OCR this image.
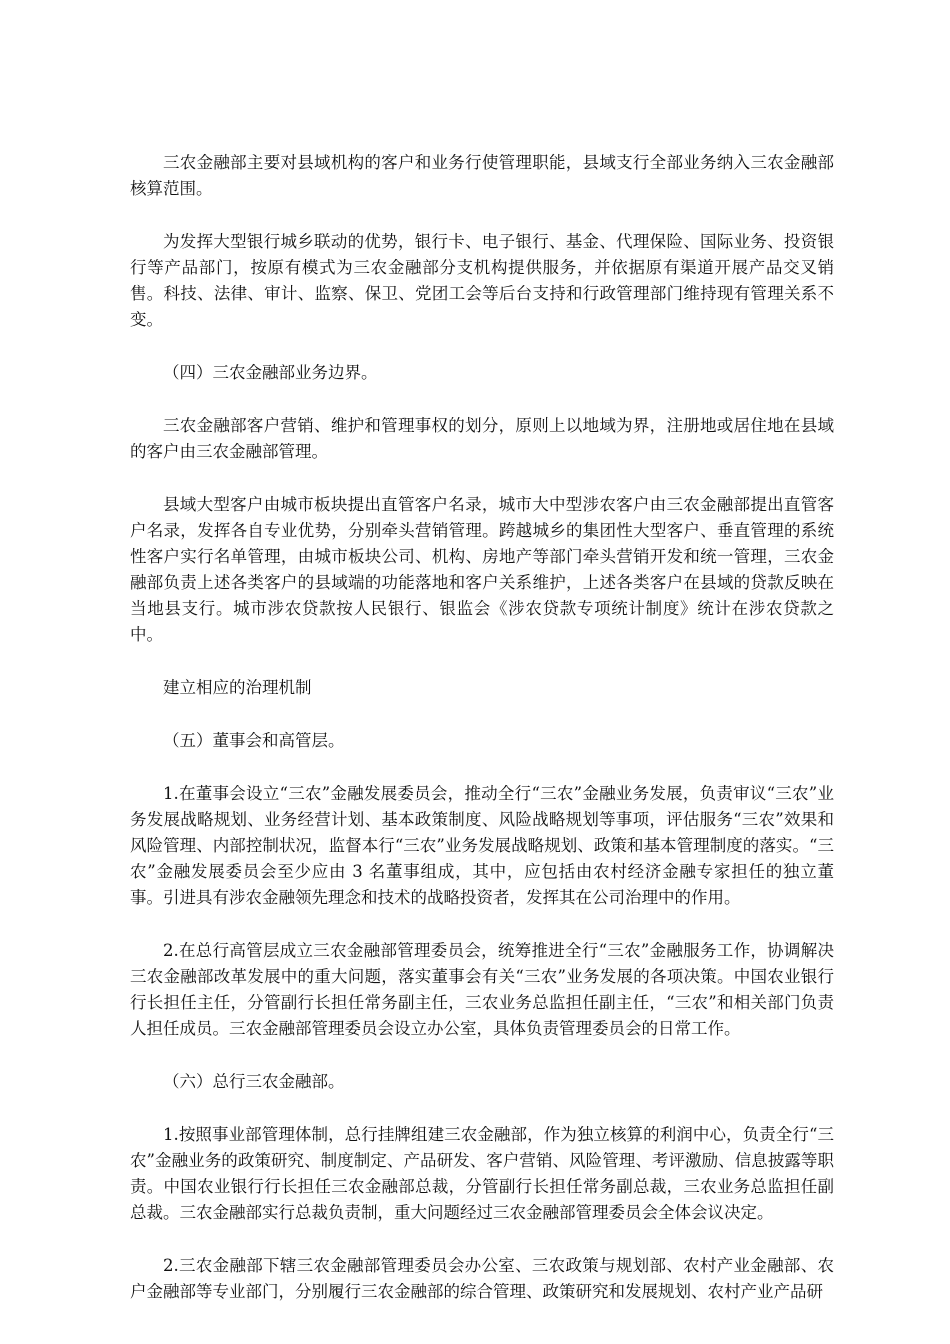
三农金融部主要对县域机构的客户和业务行使管理职能，县域支行全部业务纳入三农金融部核算范围。

为发挥大型银行城乡联动的优势，银行卡、电子银行、基金、代理保险、国际业务、投资银行等产品部门，按原有模式为三农金融部分支机构提供服务，并依据原有渠道开展产品交叉销售。科技、法律、审计、监察、保卫、党团工会等后台支持和行政管理部门维持现有管理关系不变。

（四）三农金融部业务边界。

三农金融部客户营销、维护和管理事权的划分，原则上以地域为界，注册地或居住地在县域的客户由三农金融部管理。

县域大型客户由城市板块提出直管客户名录，城市大中型涉农客户由三农金融部提出直管客户名录，发挥各自专业优势，分别牵头营销管理。跨越城乡的集团性大型客户、垂直管理的系统性客户实行名单管理，由城市板块公司、机构、房地产等部门牵头营销开发和统一管理，三农金融部负责上述各类客户的县域端的功能落地和客户关系维护，上述各类客户在县域的贷款反映在当地县支行。城市涉农贷款按人民银行、银监会《涉农贷款专项统计制度》统计在涉农贷款之中。

建立相应的治理机制

（五）董事会和高管层。

1.在董事会设立“三农”金融发展委员会，推动全行“三农”金融业务发展，负责审议“三农”业务发展战略规划、业务经营计划、基本政策制度、风险战略规划等事项，评估服务“三农”效果和风险管理、内部控制状况，监督本行“三农”业务发展战略规划、政策和基本管理制度的落实。“三农”金融发展委员会至少应由 3 名董事组成，其中，应包括由农村经济金融专家担任的独立董事。引进具有涉农金融领先理念和技术的战略投资者，发挥其在公司治理中的作用。

2.在总行高管层成立三农金融部管理委员会，统筹推进全行“三农”金融服务工作，协调解决三农金融部改革发展中的重大问题，落实董事会有关“三农”业务发展的各项决策。中国农业银行行长担任主任，分管副行长担任常务副主任，三农业务总监担任副主任，“三农”和相关部门负责人担任成员。三农金融部管理委员会设立办公室，具体负责管理委员会的日常工作。

（六）总行三农金融部。

1.按照事业部管理体制，总行挂牌组建三农金融部，作为独立核算的利润中心，负责全行“三农”金融业务的政策研究、制度制定、产品研发、客户营销、风险管理、考评激励、信息披露等职责。中国农业银行行长担任三农金融部总裁，分管副行长担任常务副总裁，三农业务总监担任副总裁。三农金融部实行总裁负责制，重大问题经过三农金融部管理委员会全体会议决定。

2.三农金融部下辖三农金融部管理委员会办公室、三农政策与规划部、农村产业金融部、农户金融部等专业部门，分别履行三农金融部的综合管理、政策研究和发展规划、农村产业产品研
